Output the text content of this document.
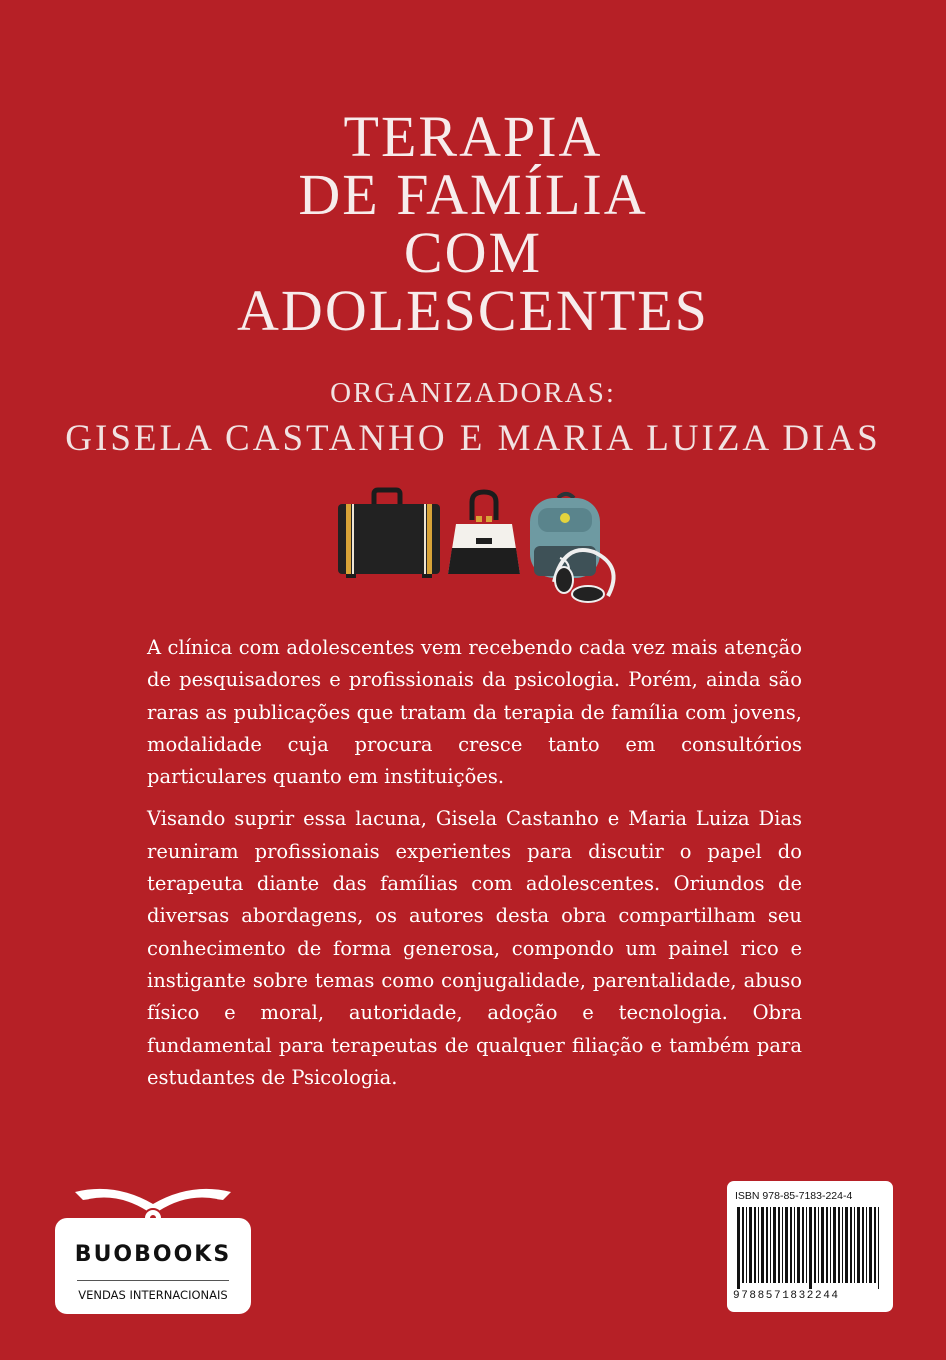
TERAPIA
DE FAMÍLIA
COM
ADOLESCENTES
ORGANIZADORAS:
GISELA CASTANHO E MARIA LUIZA DIAS

A clínica com adolescentes vem recebendo cada vez mais atenção de pesquisadores e profissionais da psicologia. Porém, ainda são raras as publicações que tratam da terapia de família com jovens, modalidade cuja procura cresce tanto em consultórios particulares quanto em instituições.

Visando suprir essa lacuna, Gisela Castanho e Maria Luiza Dias reuniram profissionais experientes para discutir o papel do terapeuta diante das famílias com adolescentes. Oriundos de diversas abordagens, os autores desta obra compartilham seu conhecimento de forma generosa, compondo um painel rico e instigante sobre temas como conjugalidade, parentalidade, abuso físico e moral, autoridade, adoção e tecnologia. Obra fundamental para terapeutas de qualquer filiação e também para estudantes de Psicologia.

BUOBOOKS
VENDAS INTERNACIONAIS
ISBN 978-85-7183-224-4
9788571832244
